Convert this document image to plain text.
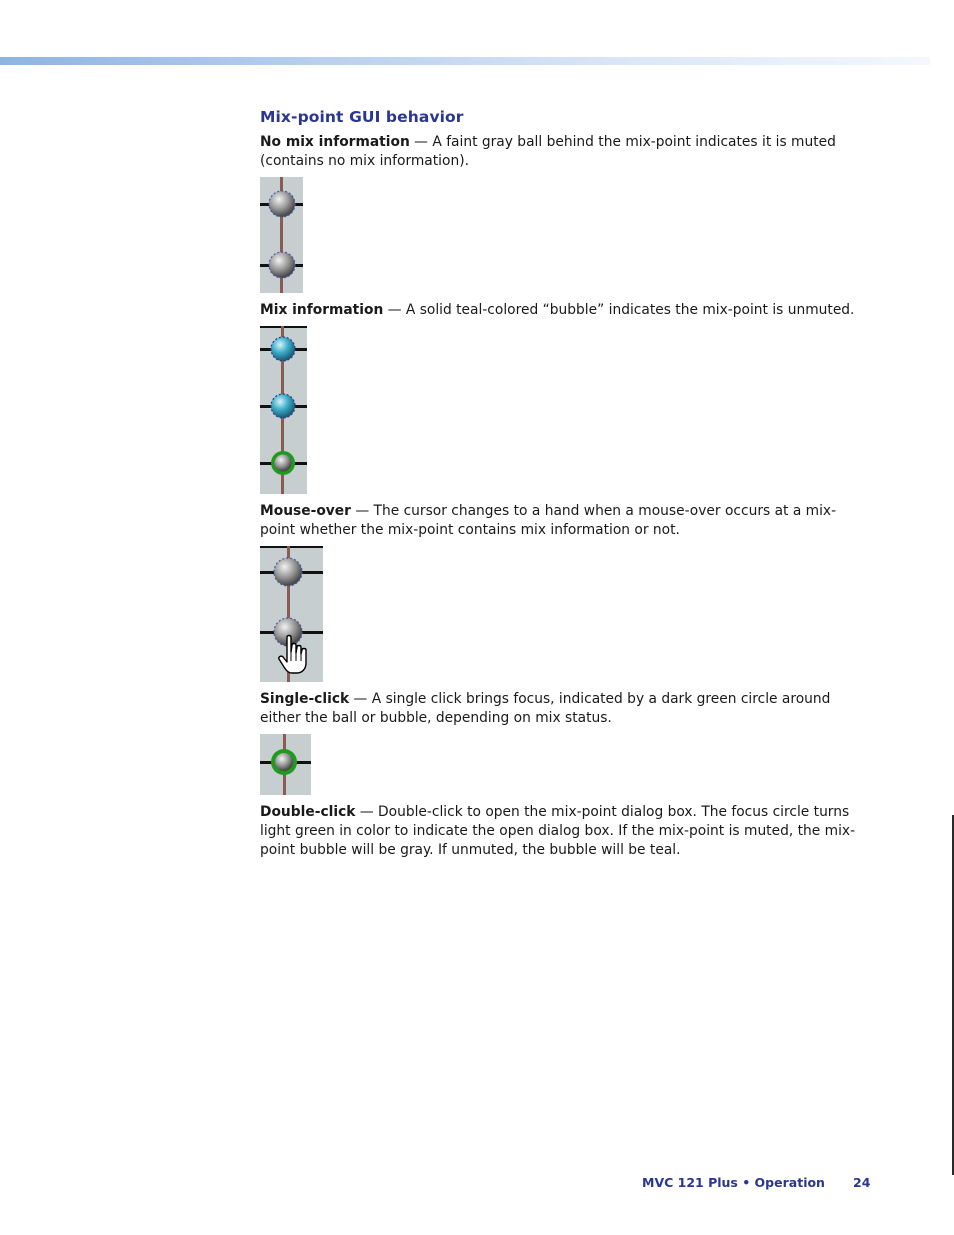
Mix-point GUI behavior

No mix information — A faint gray ball behind the mix-point indicates it is muted (contains no mix information).

Mix information — A solid teal-colored “bubble” indicates the mix-point is unmuted.

Mouse-over — The cursor changes to a hand when a mouse-over occurs at a mix-point whether the mix-point contains mix information or not.

Single-click — A single click brings focus, indicated by a dark green circle around either the ball or bubble, depending on mix status.

Double-click — Double-click to open the mix-point dialog box. The focus circle turns light green in color to indicate the open dialog box. If the mix-point is muted, the mix-point bubble will be gray. If unmuted, the bubble will be teal.

MVC 121 Plus • Operation 24
